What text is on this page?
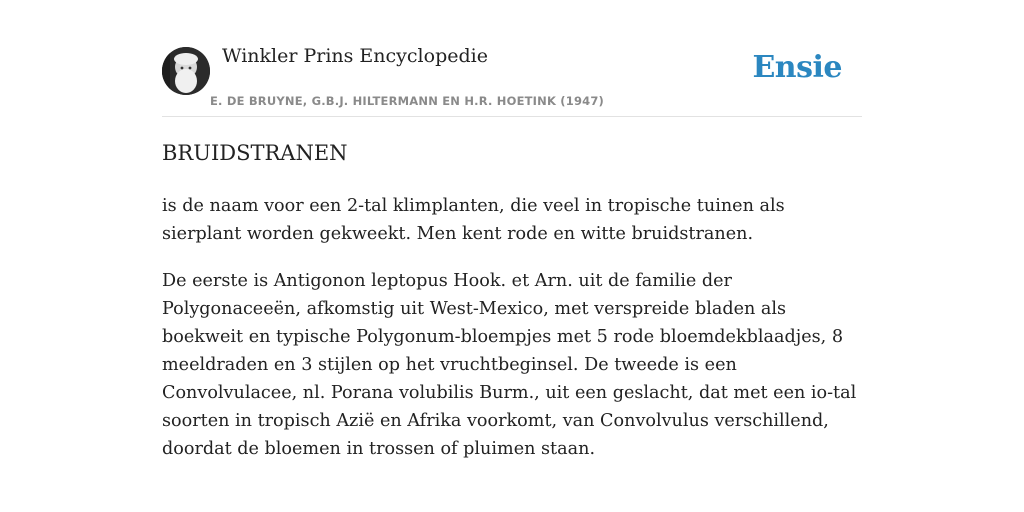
Winkler Prins Encyclopedie
E. DE BRUYNE, G.B.J. HILTERMANN EN H.R. HOETINK (1947)
Ensie
BRUIDSTRANEN

is de naam voor een 2-tal klimplanten, die veel in tropische tuinen als sierplant worden gekweekt. Men kent rode en witte bruidstranen.

De eerste is Antigonon leptopus Hook. et Arn. uit de familie der Polygonaceeën, afkomstig uit West-Mexico, met verspreide bladen als boekweit en typische Polygonum-bloempjes met 5 rode bloemdekblaadjes, 8 meeldraden en 3 stijlen op het vruchtbeginsel. De tweede is een Convolvulacee, nl. Porana volubilis Burm., uit een geslacht, dat met een io-tal soorten in tropisch Azië en Afrika voorkomt, van Convolvulus verschillend, doordat de bloemen in trossen of pluimen staan.
